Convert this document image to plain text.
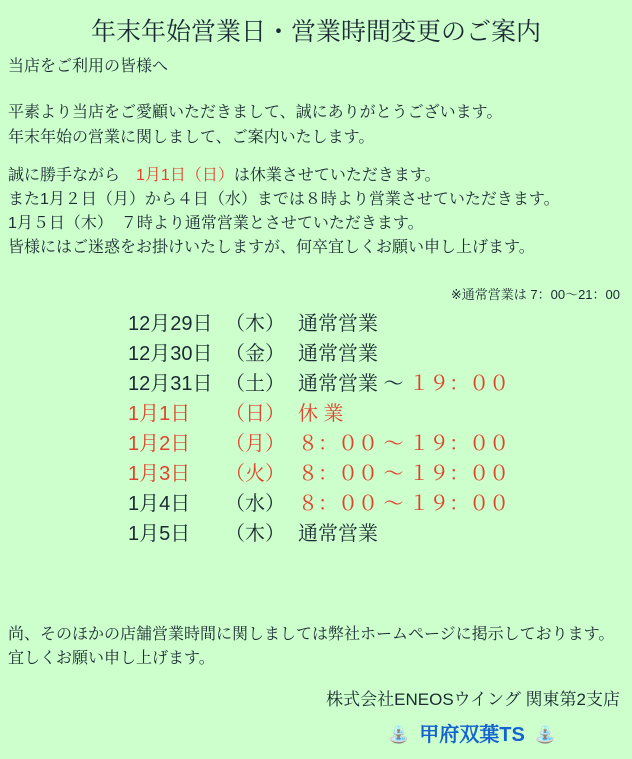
年末年始営業日・営業時間変更のご案内
当店をご利用の皆様へ
平素より当店をご愛顧いただきまして、誠にありがとうございます。
年末年始の営業に関しまして、ご案内いたします。
誠に勝手ながら　1月1日（日）は休業させていただきます。
また1月２日（月）から４日（水）までは８時より営業させていただきます。
1月５日（木）　７時より通常営業とさせていただきます。
皆様にはご迷惑をお掛けいたしますが、何卒宜しくお願い申し上げます。
※通常営業は 7：00～21：00
12月29日 （木） 通常営業
12月30日 （金） 通常営業
12月31日 （土） 通常営業 ～ １９：００
1月1日 （日） 休 業
1月2日 （月） ８：００ ～ １９：００
1月3日 （火） ８：００ ～ １９：００
1月4日 （水） ８：００ ～ １９：００
1月5日 （木） 通常営業
尚、そのほかの店舗営業時間に関しましては弊社ホームページに掲示しております。
宜しくお願い申し上げます。
株式会社ENEOSウイング 関東第2支店
⛲ 甲府双葉TS ⛲
